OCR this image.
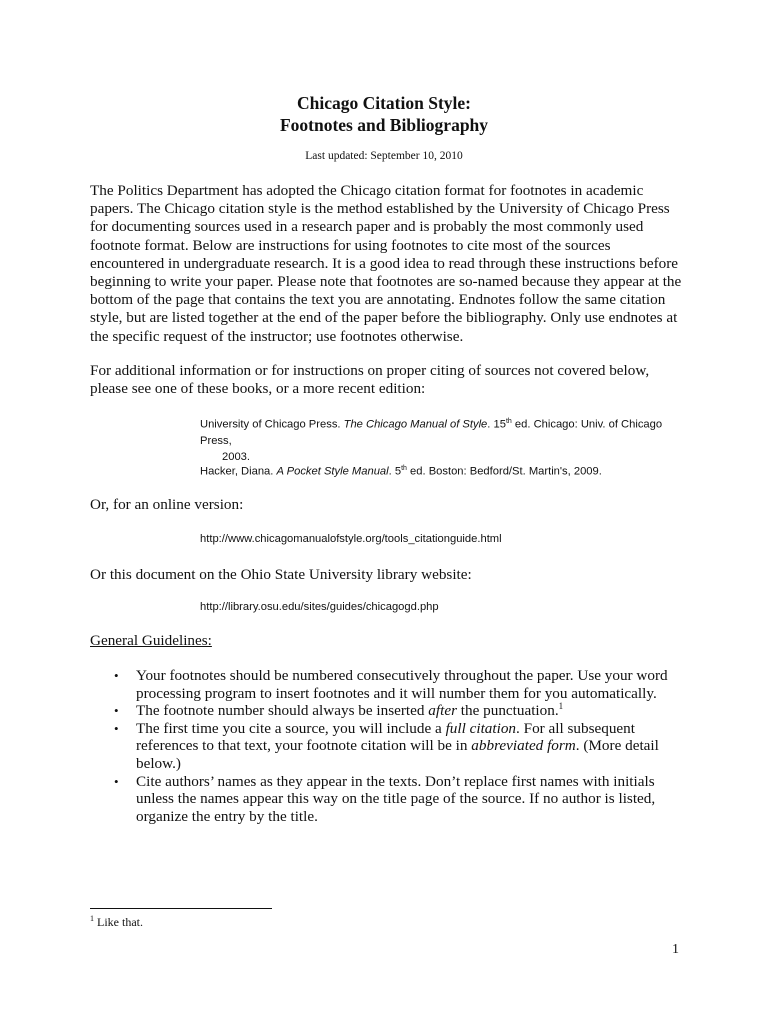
Chicago Citation Style:
Footnotes and Bibliography
Last updated: September 10, 2010
The Politics Department has adopted the Chicago citation format for footnotes in academic
papers. The Chicago citation style is the method established by the University of Chicago Press
for documenting sources used in a research paper and is probably the most commonly used
footnote format. Below are instructions for using footnotes to cite most of the sources
encountered in undergraduate research. It is a good idea to read through these instructions before
beginning to write your paper. Please note that footnotes are so-named because they appear at the
bottom of the page that contains the text you are annotating. Endnotes follow the same citation
style, but are listed together at the end of the paper before the bibliography. Only use endnotes at
the specific request of the instructor; use footnotes otherwise.
For additional information or for instructions on proper citing of sources not covered below,
please see one of these books, or a more recent edition:
University of Chicago Press. The Chicago Manual of Style. 15th ed. Chicago: Univ. of Chicago Press,
2003.
Hacker, Diana. A Pocket Style Manual. 5th ed. Boston: Bedford/St. Martin's, 2009.
Or, for an online version:
http://www.chicagomanualofstyle.org/tools_citationguide.html
Or this document on the Ohio State University library website:
http://library.osu.edu/sites/guides/chicagogd.php
General Guidelines:
• Your footnotes should be numbered consecutively throughout the paper. Use your word processing program to insert footnotes and it will number them for you automatically.
• The footnote number should always be inserted after the punctuation.$^1$
• The first time you cite a source, you will include a full citation. For all subsequent references to that text, your footnote citation will be in abbreviated form. (More detail below.)
• Cite authors’ names as they appear in the texts. Don’t replace first names with initials unless the names appear this way on the title page of the source. If no author is listed, organize the entry by the title.
$^1$ Like that.
1
